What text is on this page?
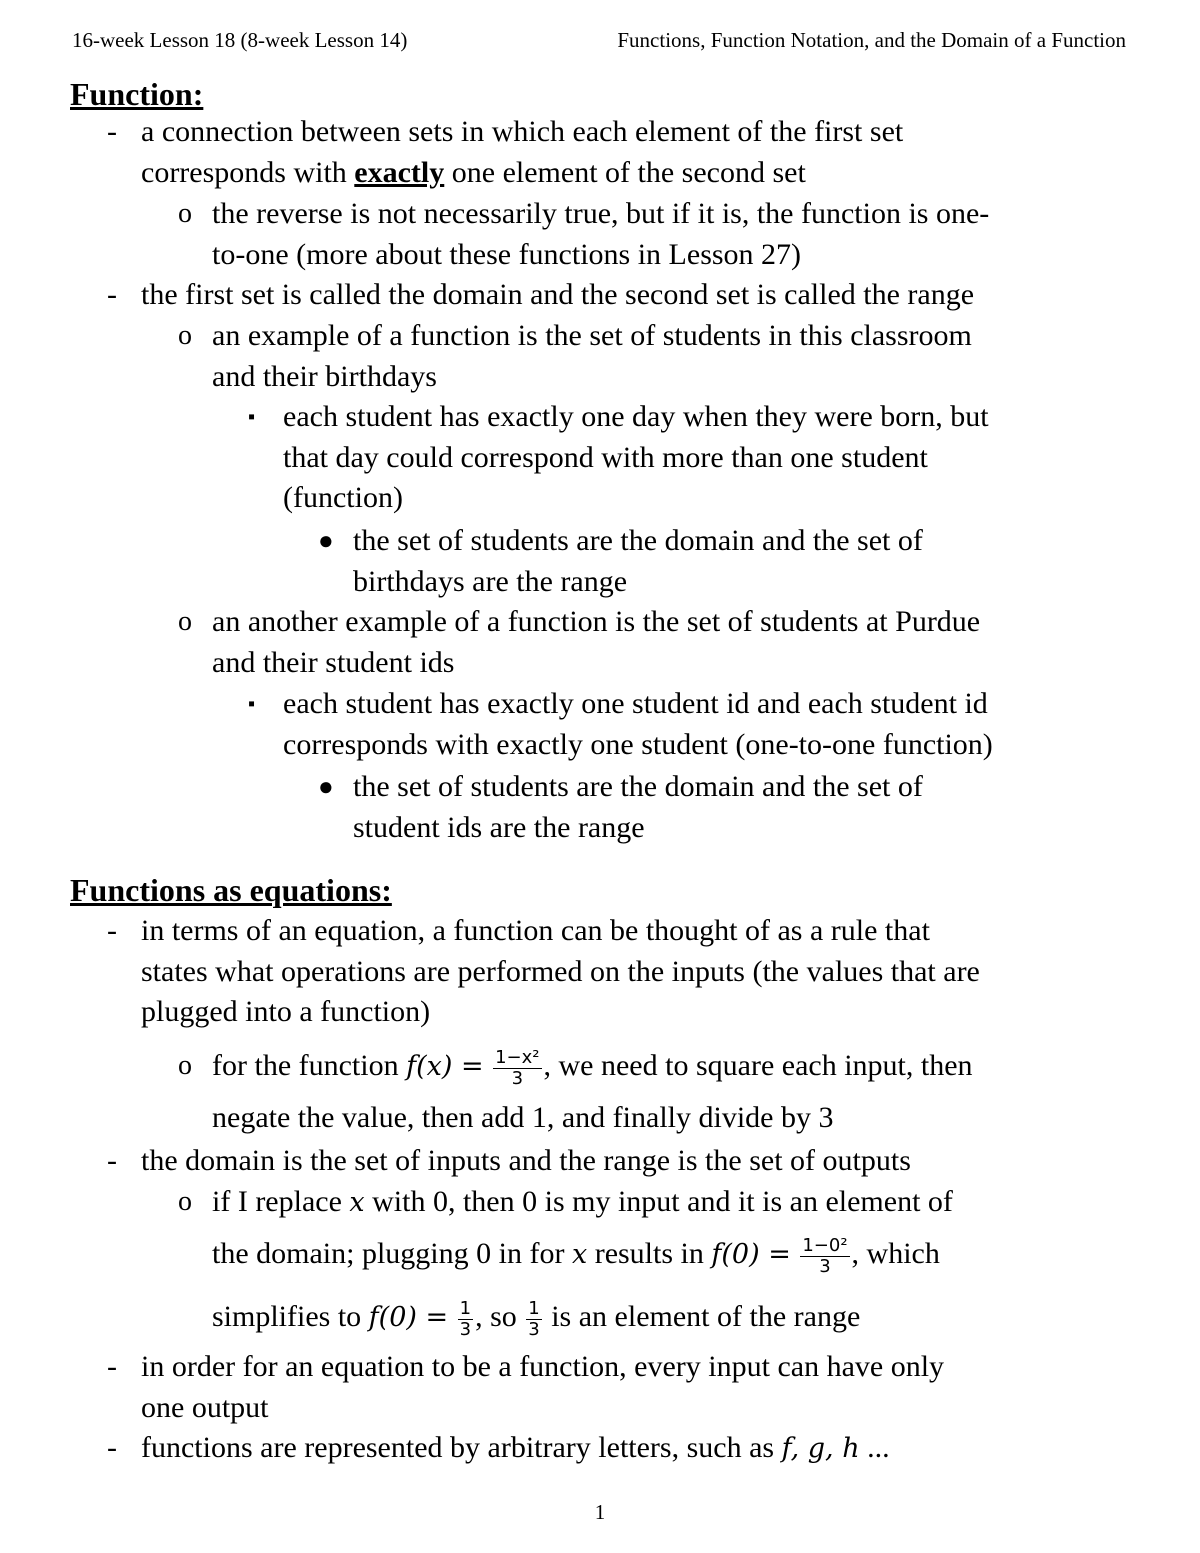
16-week Lesson 18 (8-week Lesson 14)	Functions, Function Notation, and the Domain of a Function
Function:
- a connection between sets in which each element of the first set
corresponds with exactly one element of the second set
o the reverse is not necessarily true, but if it is, the function is one-
to-one (more about these functions in Lesson 27)
- the first set is called the domain and the second set is called the range
o an example of a function is the set of students in this classroom
and their birthdays
▪ each student has exactly one day when they were born, but
that day could correspond with more than one student
(function)
● the set of students are the domain and the set of
birthdays are the range
o an another example of a function is the set of students at Purdue
and their student ids
▪ each student has exactly one student id and each student id
corresponds with exactly one student (one-to-one function)
● the set of students are the domain and the set of
student ids are the range
Functions as equations:
- in terms of an equation, a function can be thought of as a rule that
states what operations are performed on the inputs (the values that are
plugged into a function)
o for the function $f(x) = \frac{\text{1−x²}}{3}$ , we need to square each input, then
negate the value, then add 1, and finally divide by 3
- the domain is the set of inputs and the range is the set of outputs
o if I replace x with 0, then 0 is my input and it is an element of
the domain; plugging 0 in for x results in $f(0) = \frac{\text{1−0²}}{3}$ , which
simplifies to $f(0) = \frac{1}{3}$ , so $\frac{1}{3}$ is an element of the range
- in order for an equation to be a function, every input can have only
one output
- functions are represented by arbitrary letters, such as f, g, h ...
1
